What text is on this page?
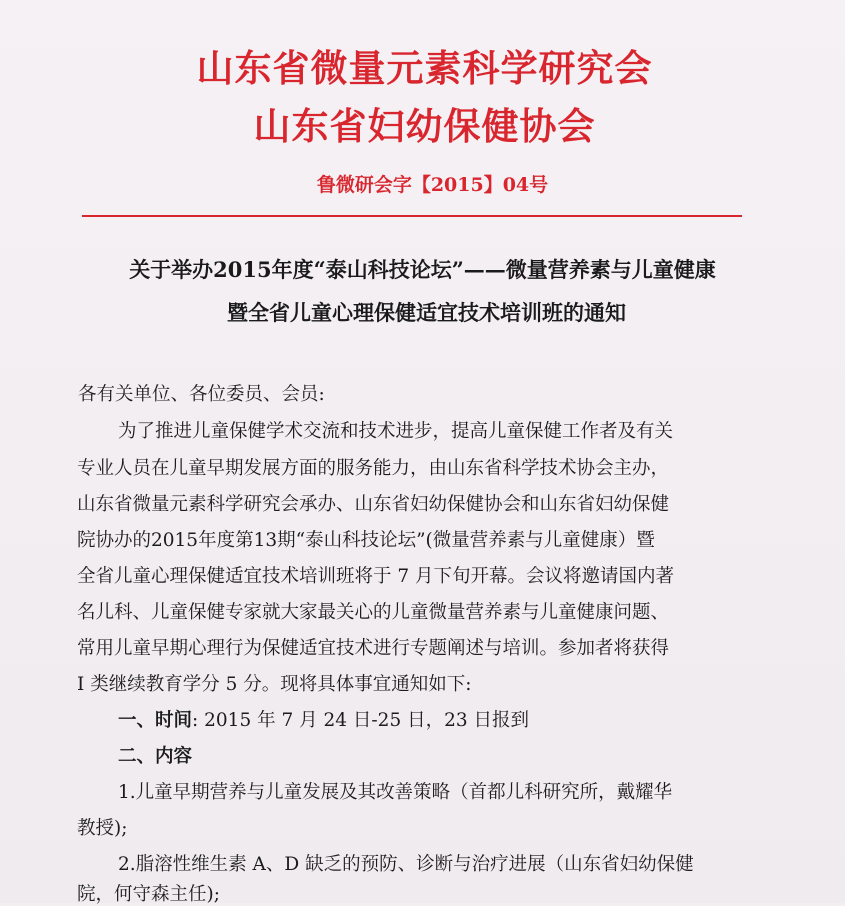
山东省微量元素科学研究会
山东省妇幼保健协会
鲁微研会字【2015】04号
关于举办2015年度“泰山科技论坛”——微量营养素与儿童健康
暨全省儿童心理保健适宜技术培训班的通知
各有关单位、各位委员、会员:
为了推进儿童保健学术交流和技术进步，提高儿童保健工作者及有关
专业人员在儿童早期发展方面的服务能力，由山东省科学技术协会主办，
山东省微量元素科学研究会承办、山东省妇幼保健协会和山东省妇幼保健
院协办的2015年度第13期“泰山科技论坛”(微量营养素与儿童健康）暨
全省儿童心理保健适宜技术培训班将于 7 月下旬开幕。会议将邀请国内著
名儿科、儿童保健专家就大家最关心的儿童微量营养素与儿童健康问题、
常用儿童早期心理行为保健适宜技术进行专题阐述与培训。参加者将获得
I 类继续教育学分 5 分。现将具体事宜通知如下:
一、时间: 2015 年 7 月 24 日-25 日，23 日报到
二、内容
1.儿童早期营养与儿童发展及其改善策略（首都儿科研究所，戴耀华
教授);
2.脂溶性维生素 A、D 缺乏的预防、诊断与治疗进展（山东省妇幼保健
院，何守森主任);
